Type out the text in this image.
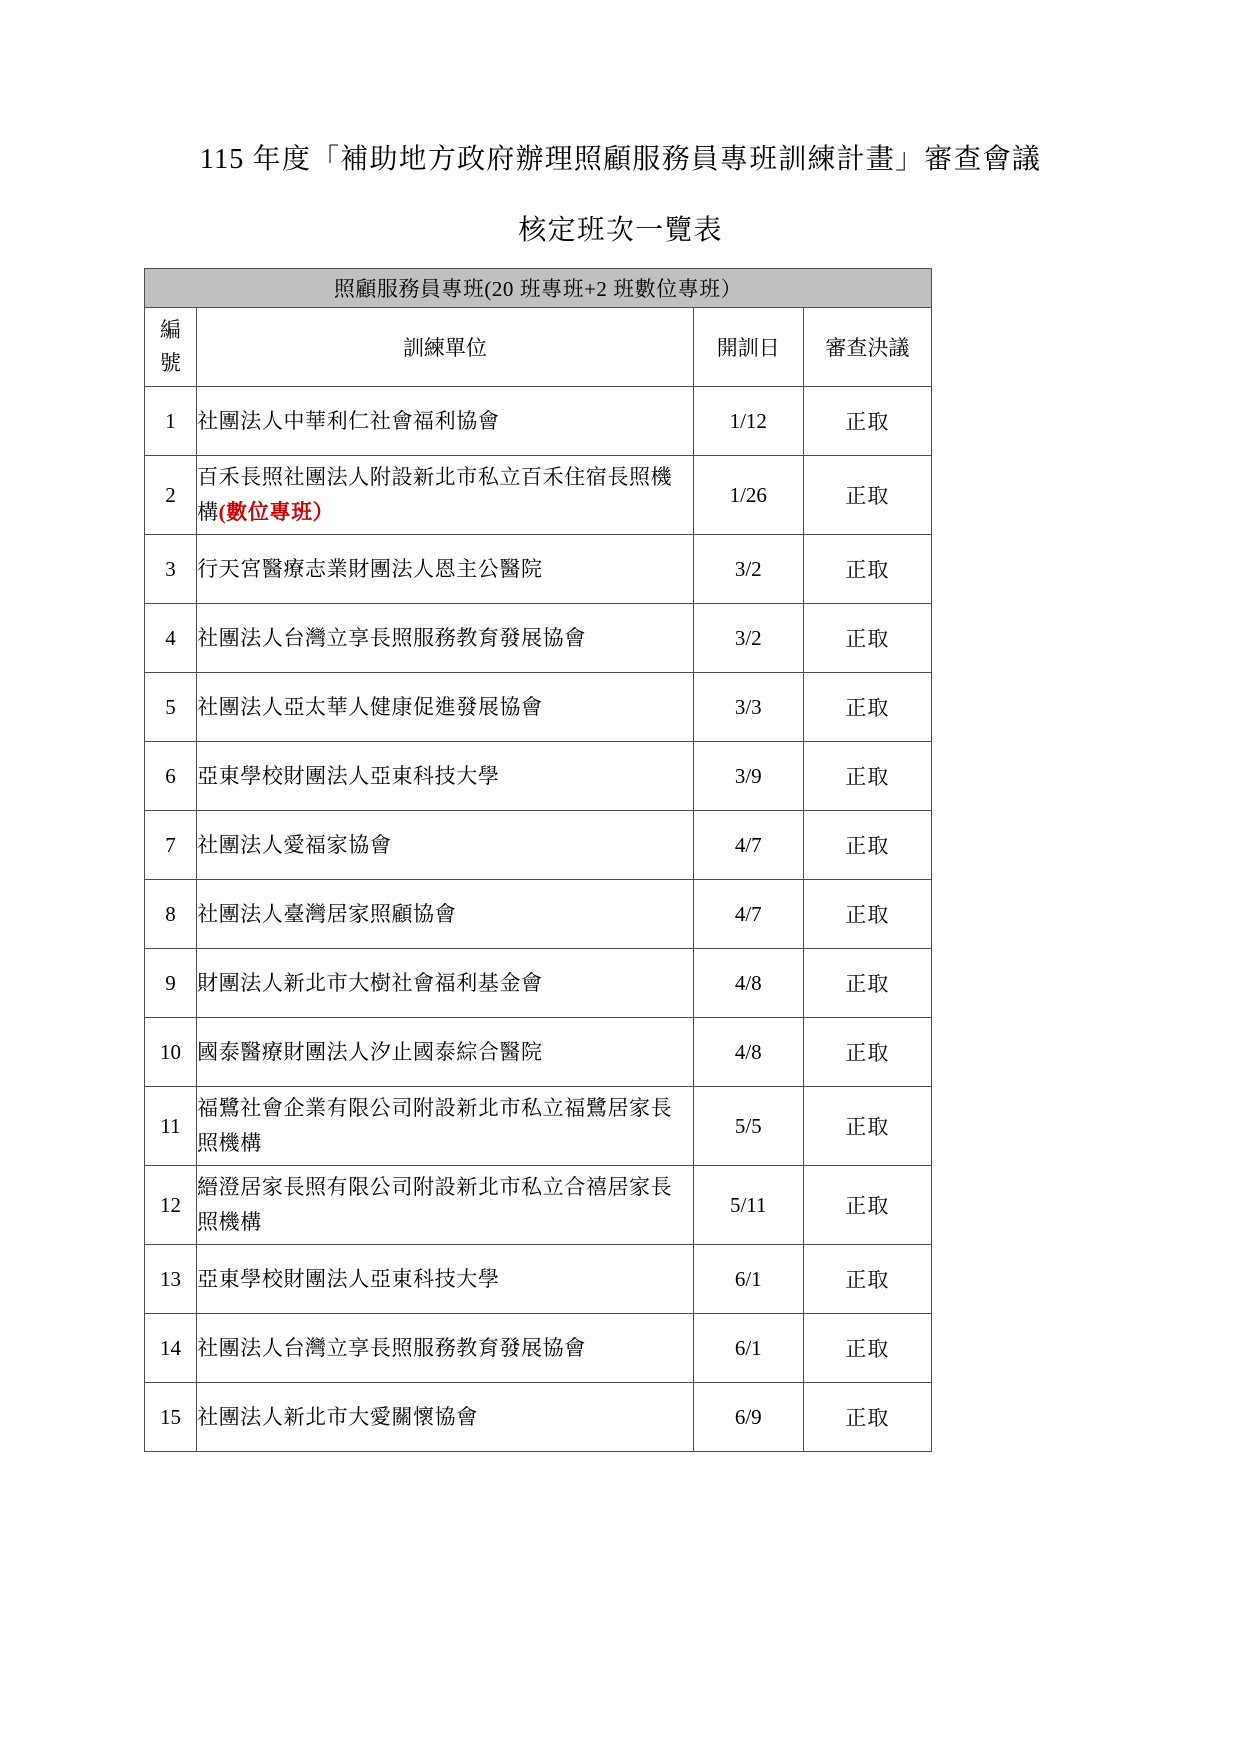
115 年度「補助地方政府辦理照顧服務員專班訓練計畫」審查會議
核定班次一覽表
照顧服務員專班(20 班專班+2 班數位專班）			

編
號	訓練單位	開訓日	審查決議
1	社團法人中華利仁社會福利協會	1/12	正取
2	百禾長照社團法人附設新北市私立百禾住宿長照機構(數位專班）	1/26	正取
3	行天宮醫療志業財團法人恩主公醫院	3/2	正取
4	社團法人台灣立享長照服務教育發展協會	3/2	正取
5	社團法人亞太華人健康促進發展協會	3/3	正取
6	亞東學校財團法人亞東科技大學	3/9	正取
7	社團法人愛福家協會	4/7	正取
8	社團法人臺灣居家照顧協會	4/7	正取
9	財團法人新北市大樹社會福利基金會	4/8	正取
10	國泰醫療財團法人汐止國泰綜合醫院	4/8	正取
11	福鷺社會企業有限公司附設新北市私立福鷺居家長照機構	5/5	正取
12	縉澄居家長照有限公司附設新北市私立合禧居家長照機構	5/11	正取
13	亞東學校財團法人亞東科技大學	6/1	正取
14	社團法人台灣立享長照服務教育發展協會	6/1	正取
15	社團法人新北市大愛關懷協會	6/9	正取
